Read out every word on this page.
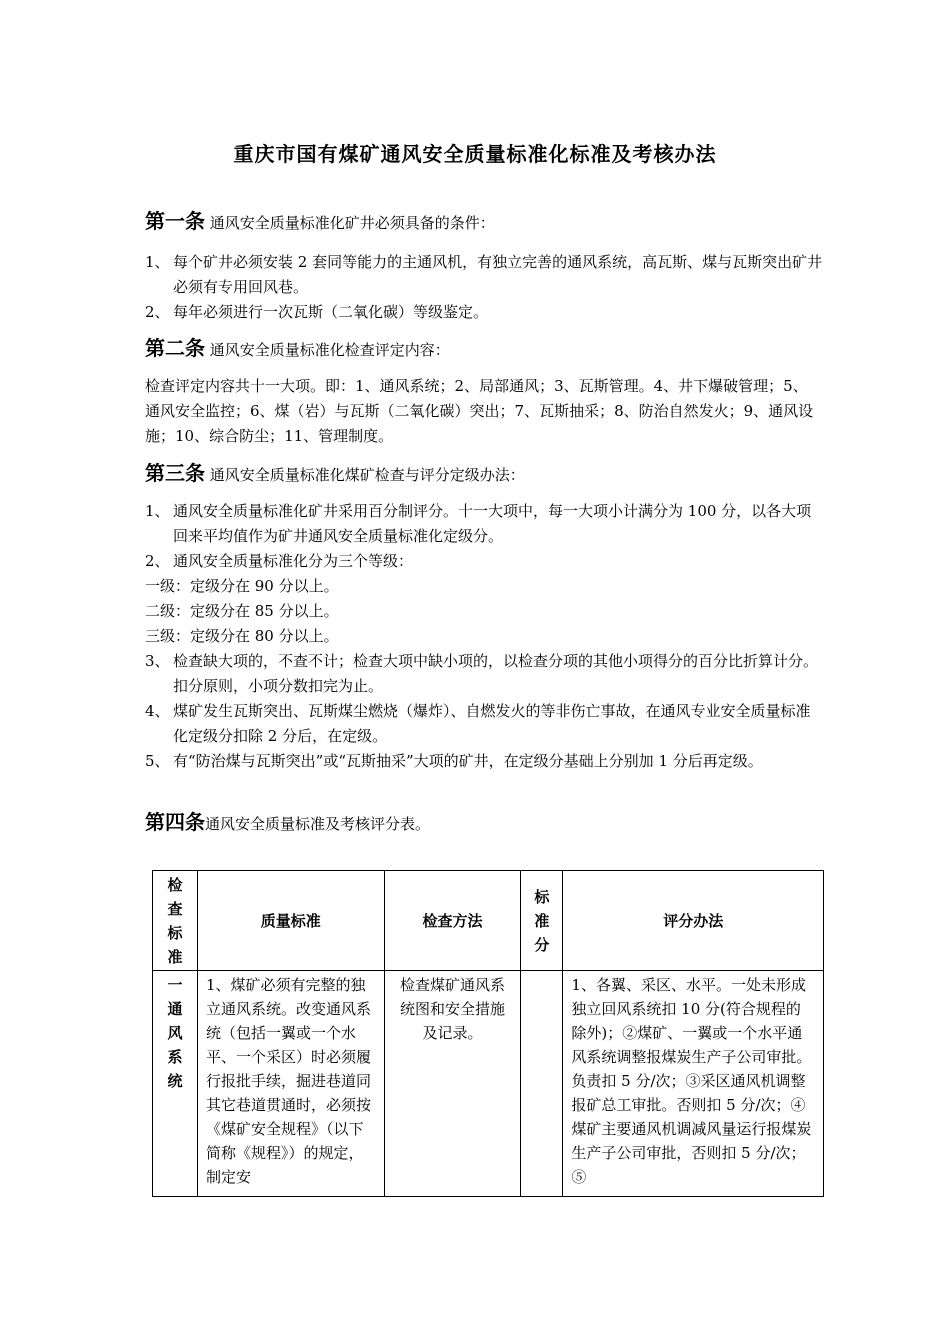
重庆市国有煤矿通风安全质量标准化标准及考核办法
第一条 通风安全质量标准化矿井必须具备的条件：
1、 每个矿井必须安装 2 套同等能力的主通风机，有独立完善的通风系统，高瓦斯、煤与瓦斯突出矿井必须有专用回风巷。
2、 每年必须进行一次瓦斯（二氧化碳）等级鉴定。
第二条 通风安全质量标准化检查评定内容：
检查评定内容共十一大项。即：1、通风系统；2、局部通风；3、瓦斯管理。4、井下爆破管理；5、 通风安全监控；6、煤（岩）与瓦斯（二氧化碳）突出；7、瓦斯抽采；8、防治自然发火；9、通风设施；10、综合防尘；11、管理制度。
第三条 通风安全质量标准化煤矿检查与评分定级办法：
1、 通风安全质量标准化矿井采用百分制评分。十一大项中，每一大项小计满分为 100 分，以各大项回来平均值作为矿井通风安全质量标准化定级分。
2、 通风安全质量标准化分为三个等级：
一级：定级分在 90 分以上。
二级：定级分在 85 分以上。
三级：定级分在 80 分以上。
3、 检查缺大项的，不查不计；检查大项中缺小项的，以检查分项的其他小项得分的百分比折算计分。扣分原则，小项分数扣完为止。
4、 煤矿发生瓦斯突出、瓦斯煤尘燃烧（爆炸）、自燃发火的等非伤亡事故，在通风专业安全质量标准化定级分扣除 2 分后，在定级。
5、 有“防治煤与瓦斯突出”或“瓦斯抽采”大项的矿井，在定级分基础上分别加 1 分后再定级。
第四条通风安全质量标准及考核评分表。
检查标准	质量标准	检查方法	标准分	评分办法

一通风系统	1、煤矿必须有完整的独立通风系统。改变通风系统（包括一翼或一个水平、一个采区）时必须履行报批手续，掘进巷道同其它巷道贯通时，必须按《煤矿安全规程》（以下简称《规程》）的规定，制定安	检查煤矿通风系统图和安全措施及记录。		1、各翼、采区、水平。一处未形成独立回风系统扣 10 分(符合规程的除外)；②煤矿、一翼或一个水平通风系统调整报煤炭生产子公司审批。负责扣 5 分/次；③采区通风机调整报矿总工审批。否则扣 5 分/次；④煤矿主要通风机调减风量运行报煤炭生产子公司审批，否则扣 5 分/次；⑤
